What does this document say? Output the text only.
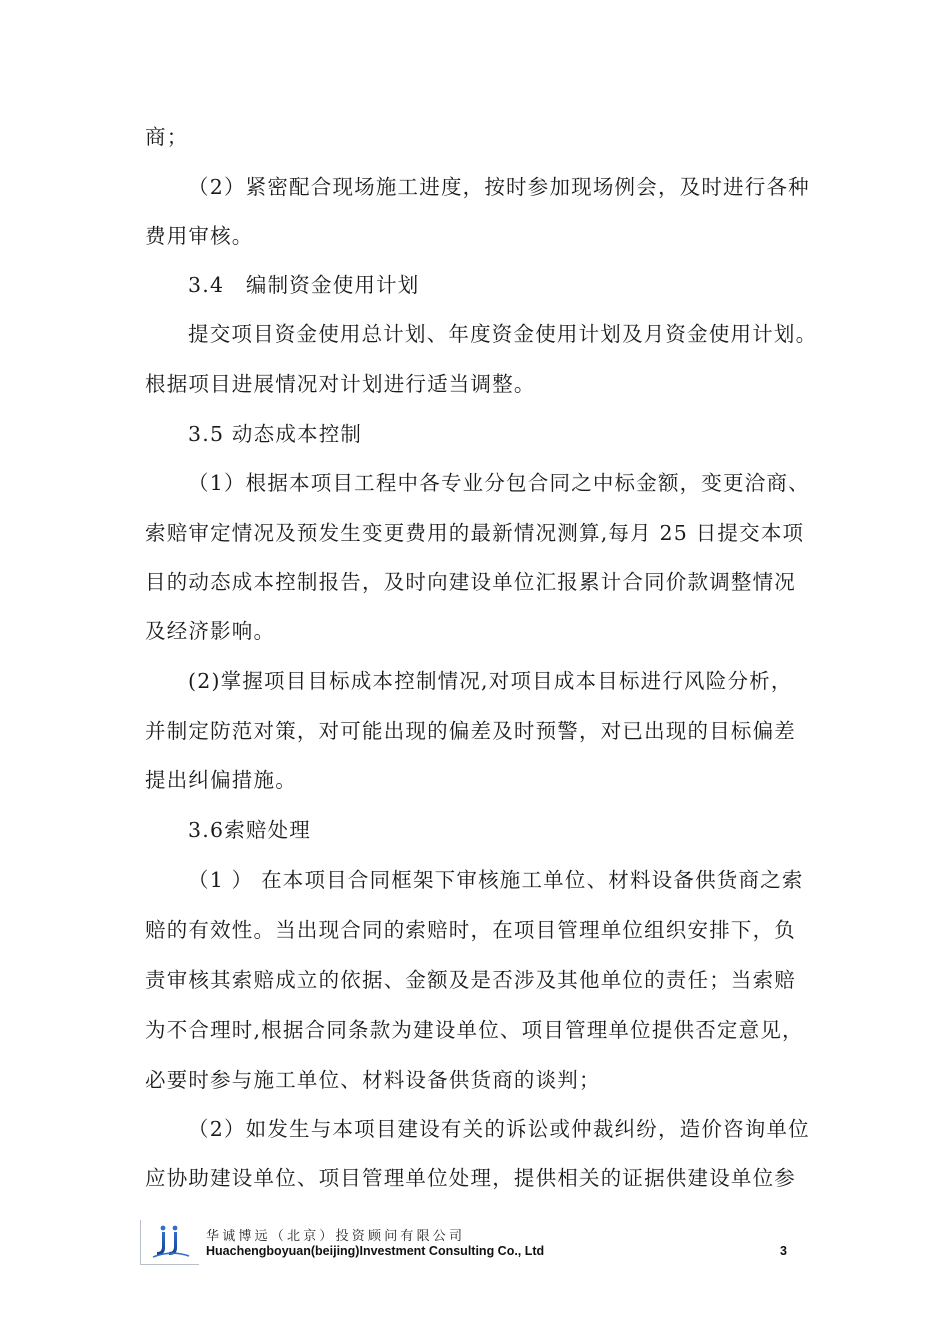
商；
（2）紧密配合现场施工进度，按时参加现场例会，及时进行各种
费用审核。
3.4　编制资金使用计划
提交项目资金使用总计划、年度资金使用计划及月资金使用计划。
根据项目进展情况对计划进行适当调整。
3.5 动态成本控制
（1）根据本项目工程中各专业分包合同之中标金额，变更洽商、
索赔审定情况及预发生变更费用的最新情况测算,每月 25 日提交本项
目的动态成本控制报告，及时向建设单位汇报累计合同价款调整情况
及经济影响。
(2)掌握项目目标成本控制情况,对项目成本目标进行风险分析，
并制定防范对策，对可能出现的偏差及时预警，对已出现的目标偏差
提出纠偏措施。
3.6索赔处理
（1 ） 在本项目合同框架下审核施工单位、材料设备供货商之索
赔的有效性。当出现合同的索赔时，在项目管理单位组织安排下，负
责审核其索赔成立的依据、金额及是否涉及其他单位的责任；当索赔
为不合理时,根据合同条款为建设单位、项目管理单位提供否定意见，
必要时参与施工单位、材料设备供货商的谈判；
（2）如发生与本项目建设有关的诉讼或仲裁纠纷，造价咨询单位
应协助建设单位、项目管理单位处理，提供相关的证据供建设单位参
华诚博远（北京）投资顾问有限公司
Huachengboyuan(beijing)Investment Consulting Co., Ltd	3
